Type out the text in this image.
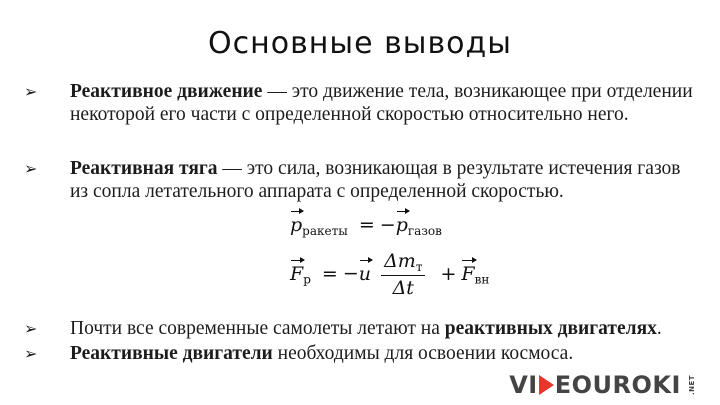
Основные выводы
➢ Реактивное движение — это движение тела, возникающее при отделении некоторой его части с определенной скоростью относительно него.
➢ Реактивная тяга — это сила, возникающая в результате истечения газов из сопла летательного аппарата с определенной скоростью.
$p_{ракеты} = -p_{газов}$
$F_р = -u \frac{\Delta m_т}{\Delta t} + F_{вн}$
➢ Почти все современные самолеты летают на реактивных двигателях.
➢ Реактивные двигатели необходимы для освоении космоса.
VI EOUROKI .NET
